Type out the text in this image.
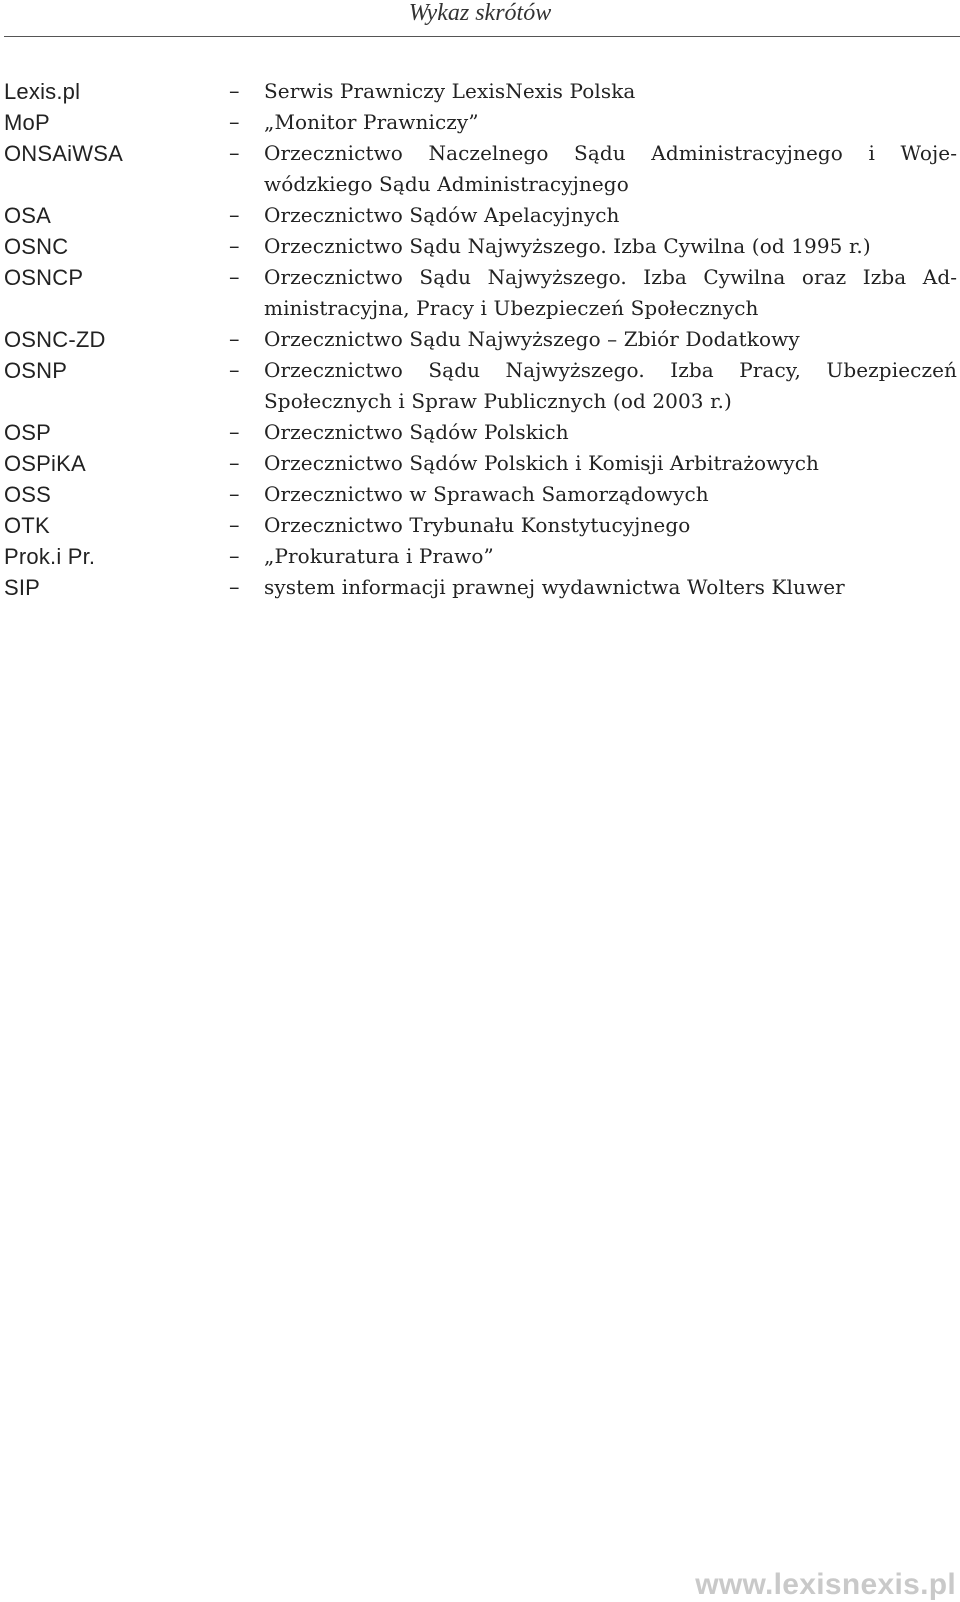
Wykaz skrótów
Lexis.pl	– Serwis Prawniczy LexisNexis Polska
MoP	– „Monitor Prawniczy”
ONSAiWSA	– Orzecznictwo Naczelnego Sądu Administracyjnego i Wojewódzkiego Sądu Administracyjnego
OSA	– Orzecznictwo Sądów Apelacyjnych
OSNC	– Orzecznictwo Sądu Najwyższego. Izba Cywilna (od 1995 r.)
OSNCP	– Orzecznictwo Sądu Najwyższego. Izba Cywilna oraz Izba Administracyjna, Pracy i Ubezpieczeń Społecznych
OSNC-ZD	– Orzecznictwo Sądu Najwyższego – Zbiór Dodatkowy
OSNP	– Orzecznictwo Sądu Najwyższego. Izba Pracy, Ubezpieczeń Społecznych i Spraw Publicznych (od 2003 r.)
OSP	– Orzecznictwo Sądów Polskich
OSPiKA	– Orzecznictwo Sądów Polskich i Komisji Arbitrażowych
OSS	– Orzecznictwo w Sprawach Samorządowych
OTK	– Orzecznictwo Trybunału Konstytucyjnego
Prok.i Pr.	– „Prokuratura i Prawo”
SIP	– system informacji prawnej wydawnictwa Wolters Kluwer
www.lexisnexis.pl
